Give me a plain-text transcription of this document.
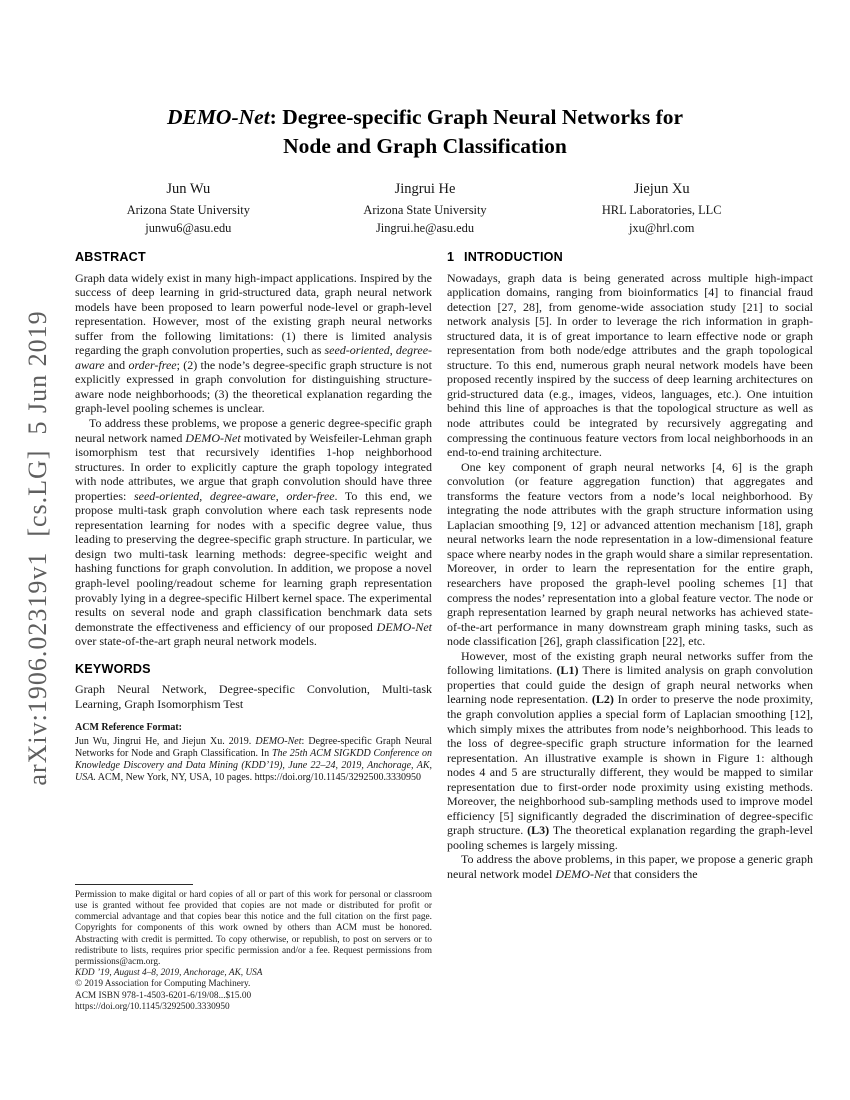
arXiv:1906.02319v1  [cs.LG]  5 Jun 2019
DEMO-Net: Degree-specific Graph Neural Networks for
Node and Graph Classification
Jun Wu
Arizona State University
junwu6@asu.edu
Jingrui He
Arizona State University
Jingrui.he@asu.edu
Jiejun Xu
HRL Laboratories, LLC
jxu@hrl.com
ABSTRACT

Graph data widely exist in many high-impact applications. Inspired by the success of deep learning in grid-structured data, graph neural network models have been proposed to learn powerful node-level or graph-level representation. However, most of the existing graph neural networks suffer from the following limitations: (1) there is limited analysis regarding the graph convolution properties, such as seed-oriented, degree-aware and order-free; (2) the node’s degree-specific graph structure is not explicitly expressed in graph convolution for distinguishing structure-aware node neighborhoods; (3) the theoretical explanation regarding the graph-level pooling schemes is unclear.

To address these problems, we propose a generic degree-specific graph neural network named DEMO-Net motivated by Weisfeiler-Lehman graph isomorphism test that recursively identifies 1-hop neighborhood structures. In order to explicitly capture the graph topology integrated with node attributes, we argue that graph convolution should have three properties: seed-oriented, degree-aware, order-free. To this end, we propose multi-task graph convolution where each task represents node representation learning for nodes with a specific degree value, thus leading to preserving the degree-specific graph structure. In particular, we design two multi-task learning methods: degree-specific weight and hashing functions for graph convolution. In addition, we propose a novel graph-level pooling/readout scheme for learning graph representation provably lying in a degree-specific Hilbert kernel space. The experimental results on several node and graph classification benchmark data sets demonstrate the effectiveness and efficiency of our proposed DEMO-Net over state-of-the-art graph neural network models.

KEYWORDS

Graph Neural Network, Degree-specific Convolution, Multi-task Learning, Graph Isomorphism Test

ACM Reference Format:

Jun Wu, Jingrui He, and Jiejun Xu. 2019. DEMO-Net: Degree-specific Graph Neural Networks for Node and Graph Classification. In The 25th ACM SIGKDD Conference on Knowledge Discovery and Data Mining (KDD’19), June 22–24, 2019, Anchorage, AK, USA. ACM, New York, NY, USA, 10 pages. https://doi.org/10.1145/3292500.3330950

Permission to make digital or hard copies of all or part of this work for personal or classroom use is granted without fee provided that copies are not made or distributed for profit or commercial advantage and that copies bear this notice and the full citation on the first page. Copyrights for components of this work owned by others than ACM must be honored. Abstracting with credit is permitted. To copy otherwise, or republish, to post on servers or to redistribute to lists, requires prior specific permission and/or a fee. Request permissions from permissions@acm.org.

KDD ’19, August 4–8, 2019, Anchorage, AK, USA

© 2019 Association for Computing Machinery.

ACM ISBN 978-1-4503-6201-6/19/08...$15.00

https://doi.org/10.1145/3292500.3330950

1 INTRODUCTION

Nowadays, graph data is being generated across multiple high-impact application domains, ranging from bioinformatics [4] to financial fraud detection [27, 28], from genome-wide association study [21] to social network analysis [5]. In order to leverage the rich information in graph-structured data, it is of great importance to learn effective node or graph representation from both node/edge attributes and the graph topological structure. To this end, numerous graph neural network models have been proposed recently inspired by the success of deep learning architectures on grid-structured data (e.g., images, videos, languages, etc.). One intuition behind this line of approaches is that the topological structure as well as node attributes could be integrated by recursively aggregating and compressing the continuous feature vectors from local neighborhoods in an end-to-end training architecture.

One key component of graph neural networks [4, 6] is the graph convolution (or feature aggregation function) that aggregates and transforms the feature vectors from a node’s local neighborhood. By integrating the node attributes with the graph structure information using Laplacian smoothing [9, 12] or advanced attention mechanism [18], graph neural networks learn the node representation in a low-dimensional feature space where nearby nodes in the graph would share a similar representation. Moreover, in order to learn the representation for the entire graph, researchers have proposed the graph-level pooling schemes [1] that compress the nodes’ representation into a global feature vector. The node or graph representation learned by graph neural networks has achieved state-of-the-art performance in many downstream graph mining tasks, such as node classification [26], graph classification [22], etc.

However, most of the existing graph neural networks suffer from the following limitations. (L1) There is limited analysis on graph convolution properties that could guide the design of graph neural networks when learning node representation. (L2) In order to preserve the node proximity, the graph convolution applies a special form of Laplacian smoothing [12], which simply mixes the attributes from node’s neighborhood. This leads to the loss of degree-specific graph structure information for the learned representation. An illustrative example is shown in Figure 1: although nodes 4 and 5 are structurally different, they would be mapped to similar representation due to first-order node proximity using existing methods. Moreover, the neighborhood sub-sampling methods used to improve model efficiency [5] significantly degraded the discrimination of degree-specific graph structure. (L3) The theoretical explanation regarding the graph-level pooling schemes is largely missing.

To address the above problems, in this paper, we propose a generic graph neural network model DEMO-Net that considers the
